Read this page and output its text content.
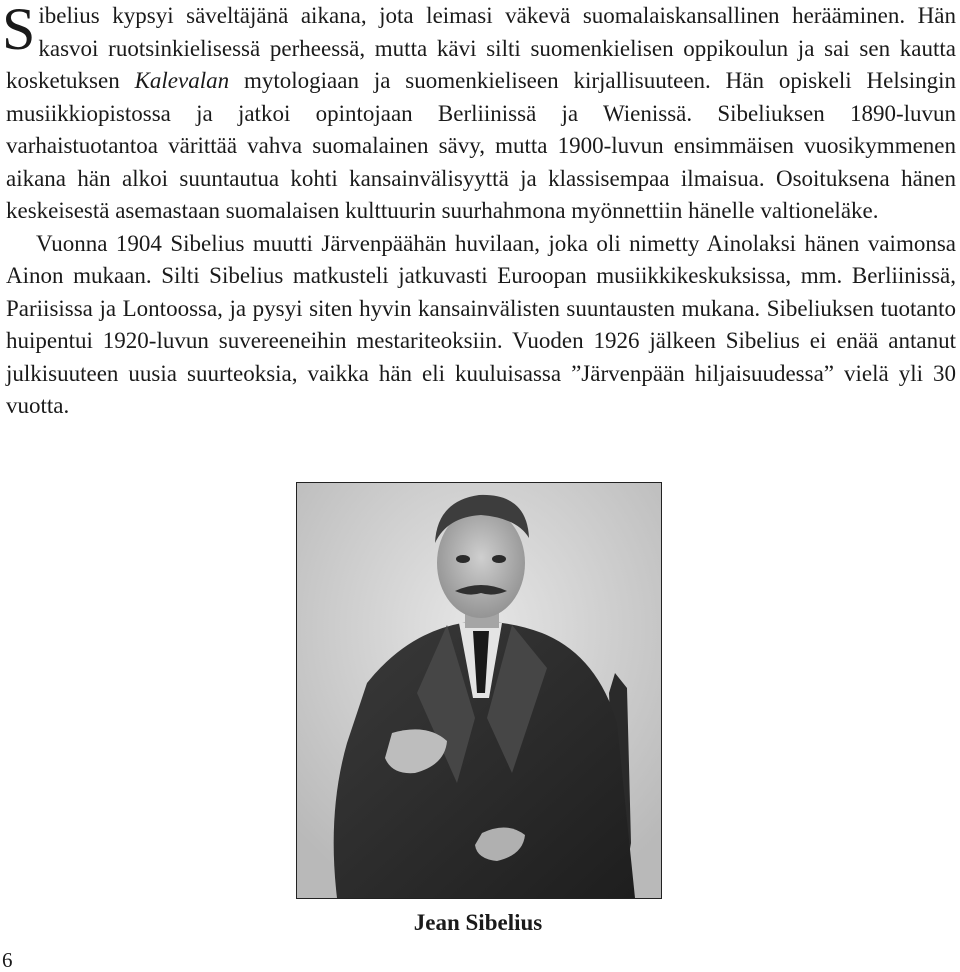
Sibelius kypsyi säveltäjänä aikana, jota leimasi väkevä suomalaiskansallinen herääminen. Hän kasvoi ruotsinkielisessä perheessä, mutta kävi silti suomenkielisen oppikoulun ja sai sen kautta kosketuksen Kalevalan mytologiaan ja suomenkieliseen kirjallisuuteen. Hän opiskeli Helsingin musiikkiopistossa ja jatkoi opintojaan Berliinissä ja Wienissä. Sibeliuksen 1890-luvun varhaistuotantoa värittää vahva suomalainen sävy, mutta 1900-luvun ensimmäisen vuosikymmenen aikana hän alkoi suuntautua kohti kansainvälisyyttä ja klassisempaa ilmaisua. Osoituksena hänen keskeisestä asemastaan suomalaisen kulttuurin suurhahmona myönnettiin hänelle valtioneläke.

Vuonna 1904 Sibelius muutti Järvenpäähän huvilaan, joka oli nimetty Ainolaksi hänen vaimonsa Ainon mukaan. Silti Sibelius matkusteli jatkuvasti Euroopan musiikkikeskuksissa, mm. Berliinissä, Pariisissa ja Lontoossa, ja pysyi siten hyvin kansainvälisten suuntausten mukana. Sibeliuksen tuotanto huipentui 1920-luvun suvereeneihin mestariteoksiin. Vuoden 1926 jälkeen Sibelius ei enää antanut julkisuuteen uusia suurteoksia, vaikka hän eli kuuluisassa ”Järvenpään hiljaisuudessa” vielä yli 30 vuotta.

Jean Sibelius
6
